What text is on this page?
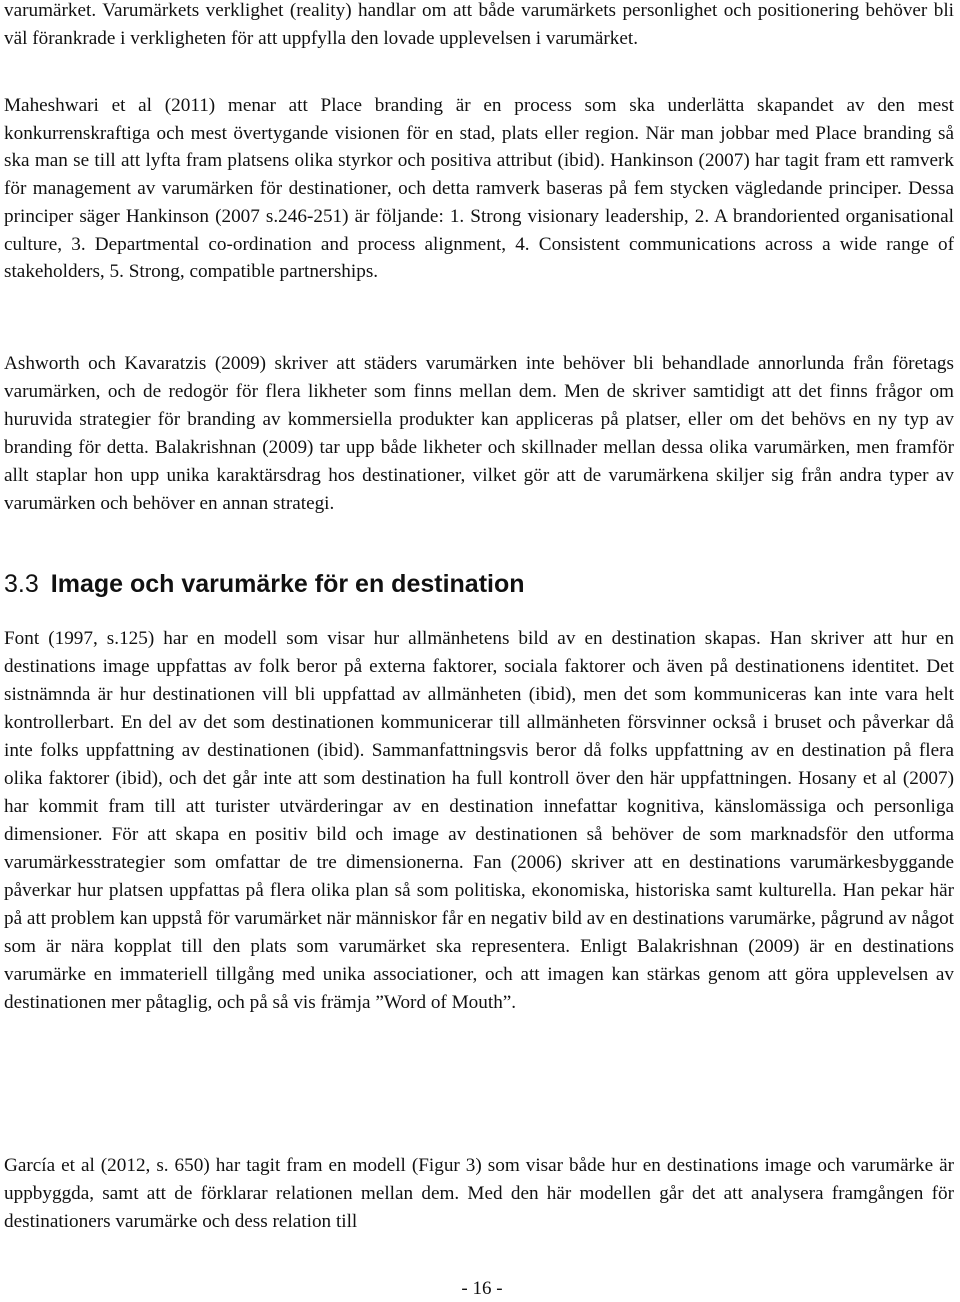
varumärket. Varumärkets verklighet (reality) handlar om att både varumärkets personlighet och positionering behöver bli väl förankrade i verkligheten för att uppfylla den lovade upplevelsen i varumärket.

Maheshwari et al (2011) menar att Place branding är en process som ska underlätta skapandet av den mest konkurrenskraftiga och mest övertygande visionen för en stad, plats eller region. När man jobbar med Place branding så ska man se till att lyfta fram platsens olika styrkor och positiva attribut (ibid). Hankinson (2007) har tagit fram ett ramverk för management av varumärken för destinationer, och detta ramverk baseras på fem stycken vägledande principer. Dessa principer säger Hankinson (2007 s.246-251) är följande: 1. Strong visionary leadership, 2. A brandoriented organisational culture, 3. Departmental co-ordination and process alignment, 4. Consistent communications across a wide range of stakeholders, 5. Strong, compatible partnerships.

Ashworth och Kavaratzis (2009) skriver att städers varumärken inte behöver bli behandlade annorlunda från företags varumärken, och de redogör för flera likheter som finns mellan dem. Men de skriver samtidigt att det finns frågor om huruvida strategier för branding av kommersiella produkter kan appliceras på platser, eller om det behövs en ny typ av branding för detta. Balakrishnan (2009) tar upp både likheter och skillnader mellan dessa olika varumärken, men framför allt staplar hon upp unika karaktärsdrag hos destinationer, vilket gör att de varumärkena skiljer sig från andra typer av varumärken och behöver en annan strategi.

3.3 Image och varumärke för en destination

Font (1997, s.125) har en modell som visar hur allmänhetens bild av en destination skapas. Han skriver att hur en destinations image uppfattas av folk beror på externa faktorer, sociala faktorer och även på destinationens identitet. Det sistnämnda är hur destinationen vill bli uppfattad av allmänheten (ibid), men det som kommuniceras kan inte vara helt kontrollerbart. En del av det som destinationen kommunicerar till allmänheten försvinner också i bruset och påverkar då inte folks uppfattning av destinationen (ibid). Sammanfattningsvis beror då folks uppfattning av en destination på flera olika faktorer (ibid), och det går inte att som destination ha full kontroll över den här uppfattningen. Hosany et al (2007) har kommit fram till att turister utvärderingar av en destination innefattar kognitiva, känslomässiga och personliga dimensioner. För att skapa en positiv bild och image av destinationen så behöver de som marknadsför den utforma varumärkesstrategier som omfattar de tre dimensionerna. Fan (2006) skriver att en destinations varumärkesbyggande påverkar hur platsen uppfattas på flera olika plan så som politiska, ekonomiska, historiska samt kulturella. Han pekar här på att problem kan uppstå för varumärket när människor får en negativ bild av en destinations varumärke, pågrund av något som är nära kopplat till den plats som varumärket ska representera. Enligt Balakrishnan (2009) är en destinations varumärke en immateriell tillgång med unika associationer, och att imagen kan stärkas genom att göra upplevelsen av destinationen mer påtaglig, och på så vis främja ”Word of Mouth”.

García et al (2012, s. 650) har tagit fram en modell (Figur 3) som visar både hur en destinations image och varumärke är uppbyggda, samt att de förklarar relationen mellan dem. Med den här modellen går det att analysera framgången för destinationers varumärke och dess relation till

- 16 -
